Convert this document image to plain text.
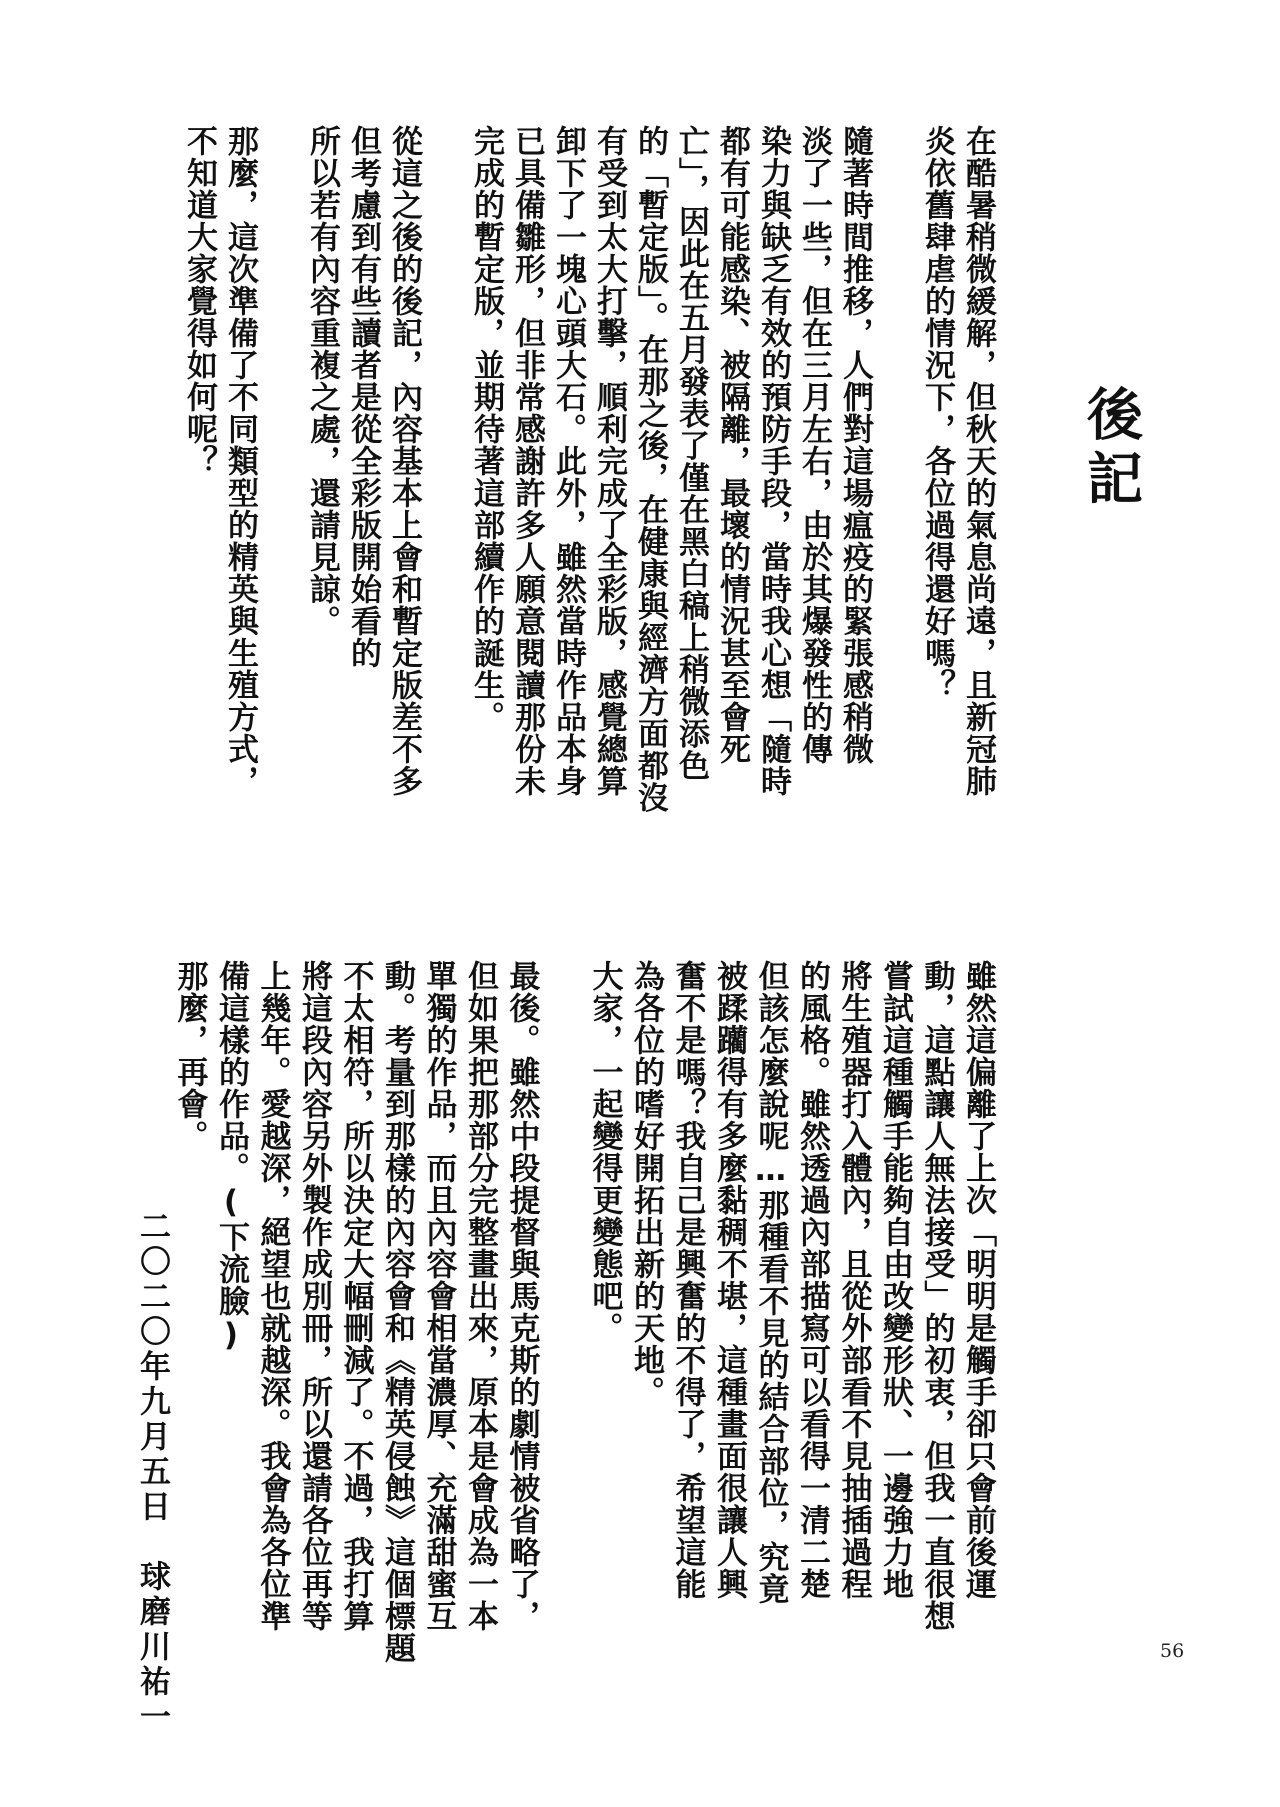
後記
在酷暑稍微緩解，但秋天的氣息尚遠，且新冠肺
炎依舊肆虐的情況下，各位過得還好嗎？

隨著時間推移，人們對這場瘟疫的緊張感稍微
淡了一些，但在三月左右，由於其爆發性的傳
染力與缺乏有效的預防手段，當時我心想「隨時
都有可能感染、被隔離，最壞的情況甚至會死
亡」，因此在五月發表了僅在黑白稿上稍微添色
的「暫定版」。在那之後，在健康與經濟方面都沒
有受到太大打擊，順利完成了全彩版，感覺總算
卸下了一塊心頭大石。此外，雖然當時作品本身
已具備雛形，但非常感謝許多人願意閱讀那份未
完成的暫定版，並期待著這部續作的誕生。

從這之後的後記，內容基本上會和暫定版差不多
但考慮到有些讀者是從全彩版開始看的
所以若有內容重複之處，還請見諒。

那麼，這次準備了不同類型的精英與生殖方式，
不知道大家覺得如何呢？
雖然這偏離了上次「明明是觸手卻只會前後運
動，這點讓人無法接受」的初衷，但我一直很想
嘗試這種觸手能夠自由改變形狀、一邊強力地
將生殖器打入體內，且從外部看不見抽插過程
的風格。雖然透過內部描寫可以看得一清二楚
但該怎麼說呢…那種看不見的結合部位，究竟
被蹂躪得有多麼黏稠不堪，這種畫面很讓人興
奮不是嗎？我自己是興奮的不得了，希望這能
為各位的嗜好開拓出新的天地。
大家，一起變得更變態吧。

最後。雖然中段提督與馬克斯的劇情被省略了，
但如果把那部分完整畫出來，原本是會成為一本
單獨的作品，而且內容會相當濃厚、充滿甜蜜互
動。考量到那樣的內容會和《精英侵蝕》這個標題
不太相符，所以決定大幅刪減了。不過，我打算
將這段內容另外製作成別冊，所以還請各位再等
上幾年。愛越深，絕望也就越深。我會為各位準
備這樣的作品。(下流臉)
那麼，再會。
二〇二〇年九月五日　球磨川祐一	56
